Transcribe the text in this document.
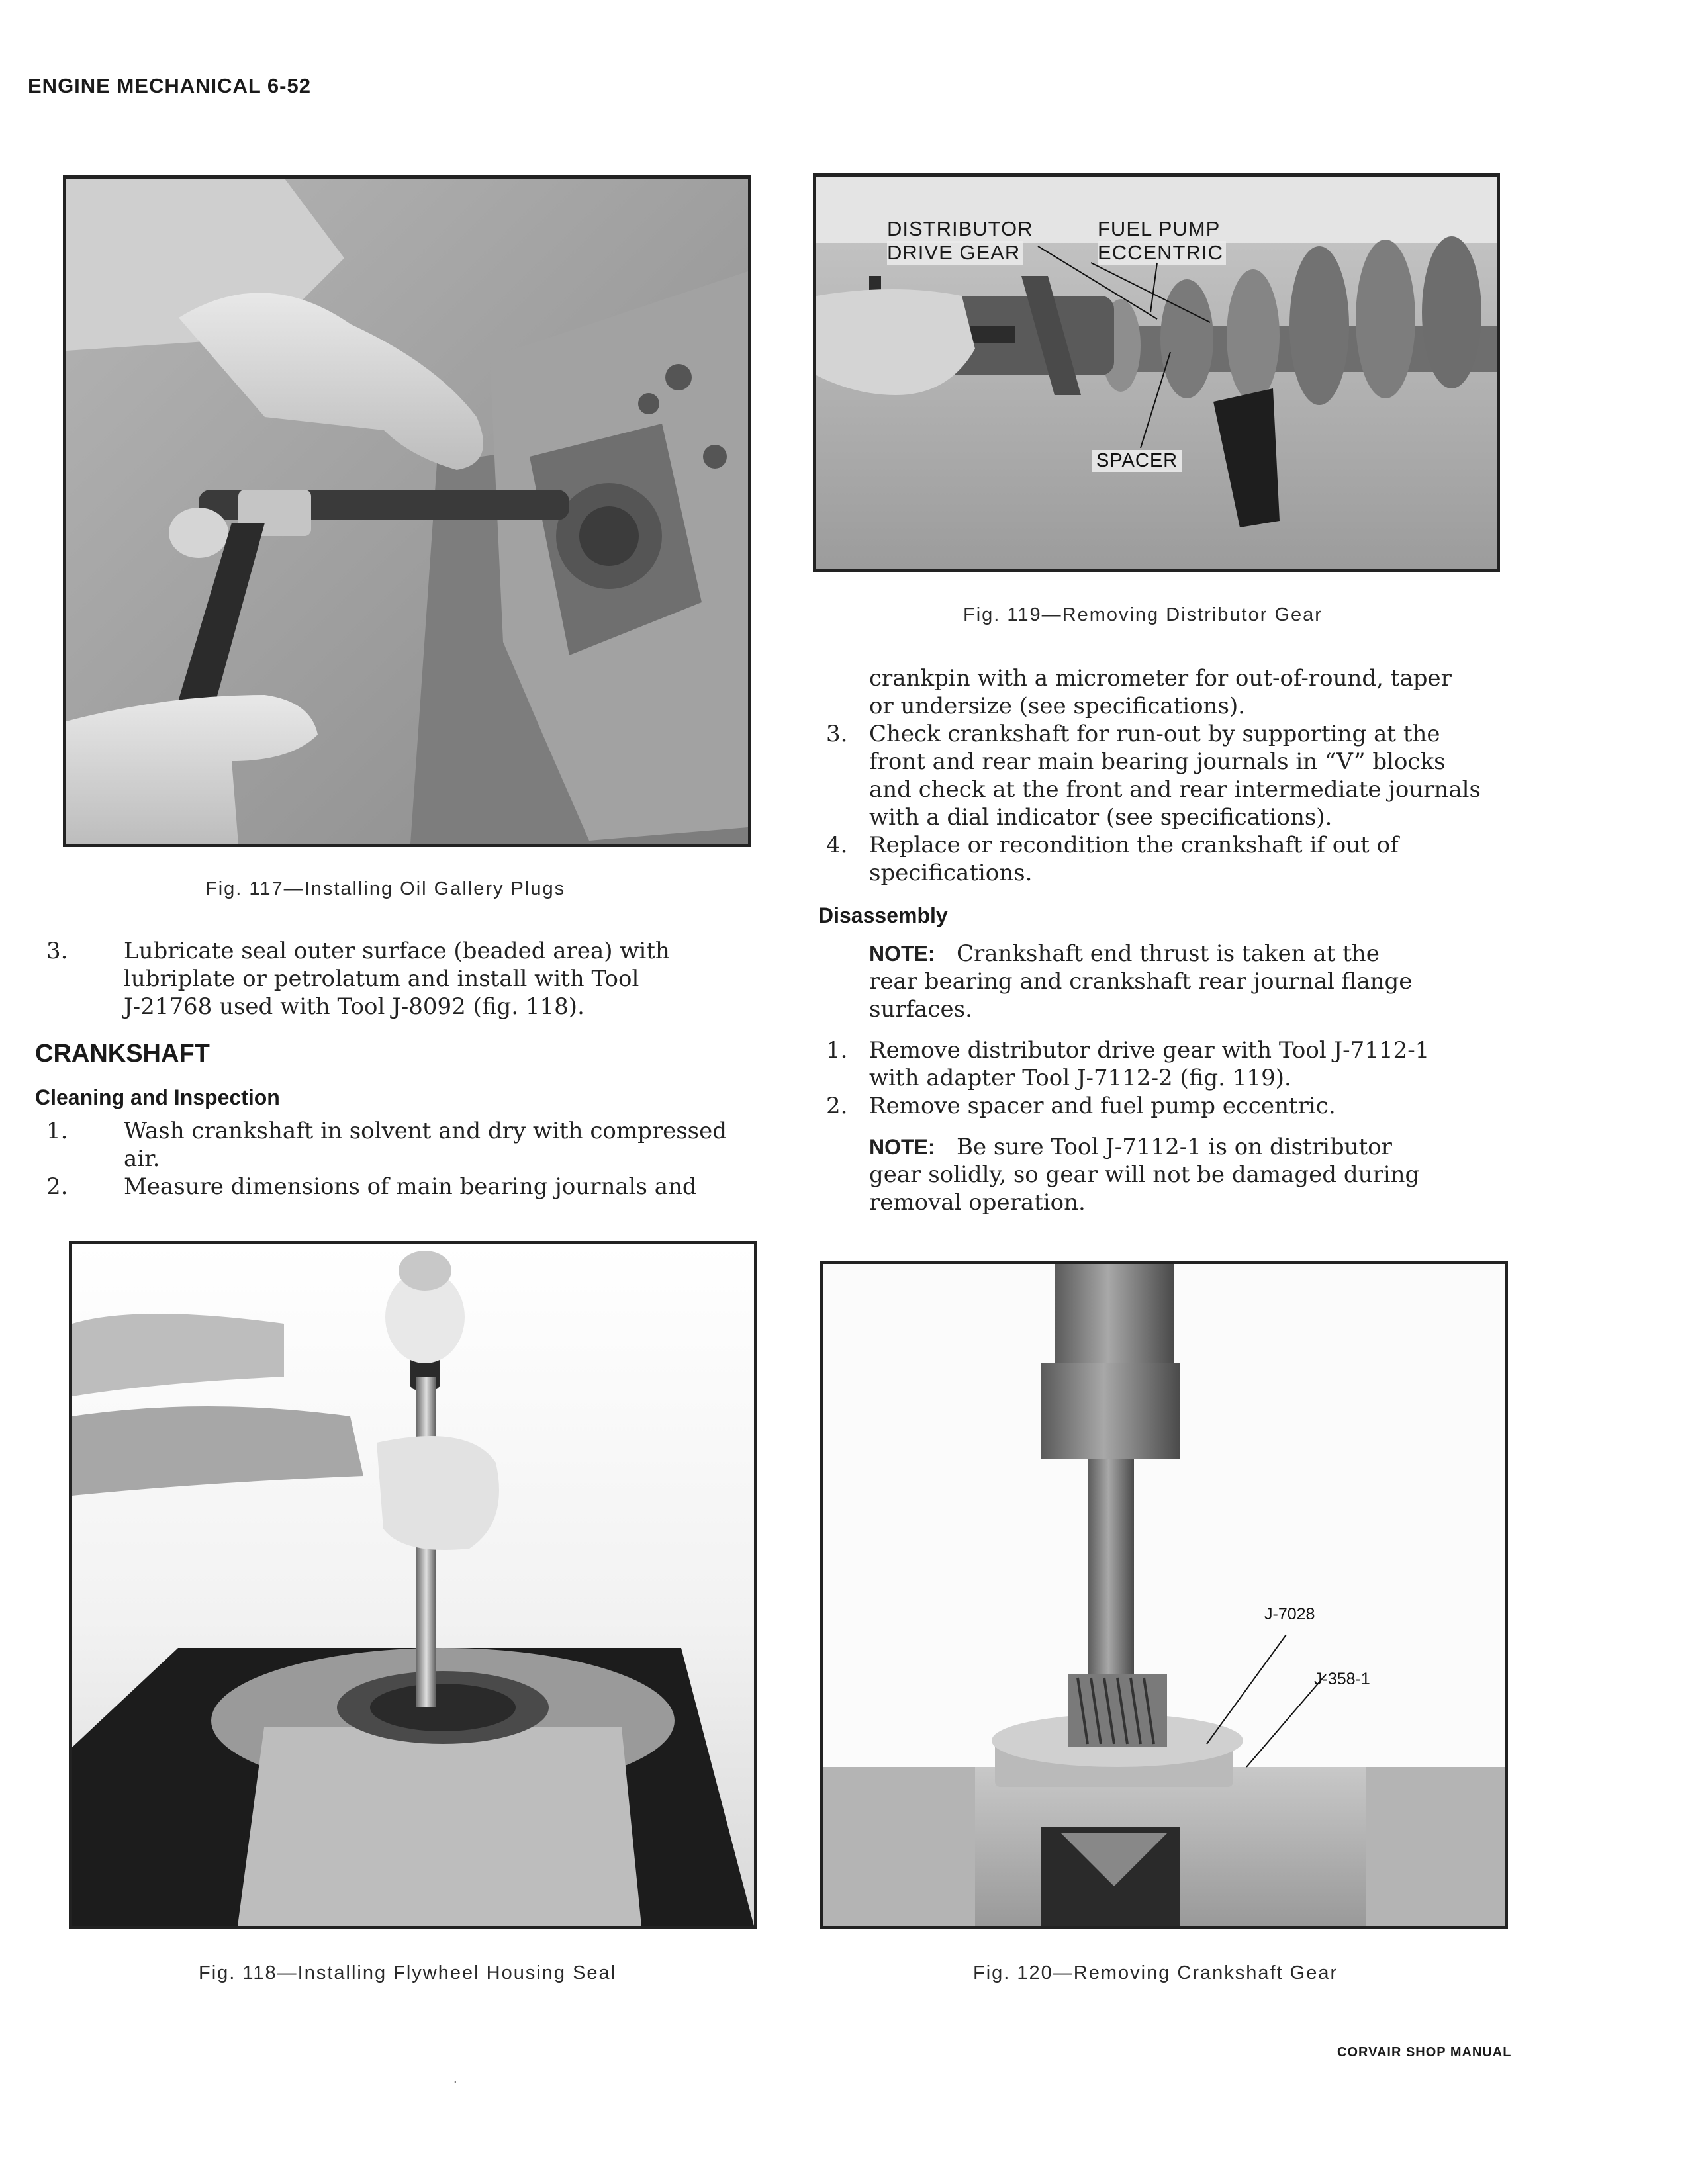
ENGINE MECHANICAL 6-52
Fig. 117—Installing Oil Gallery Plugs
DISTRIBUTOR
DRIVE GEAR
FUEL PUMP
ECCENTRIC
SPACER
Fig. 119—Removing Distributor Gear
3. Lubricate seal outer surface (beaded area) with
lubriplate or petrolatum and install with Tool
J-21768 used with Tool J-8092 (fig. 118).
CRANKSHAFT
Cleaning and Inspection
1. Wash crankshaft in solvent and dry with compressed
air.
2. Measure dimensions of main bearing journals and
crankpin with a micrometer for out-of-round, taper
or undersize (see specifications).
3. Check crankshaft for run-out by supporting at the
front and rear main bearing journals in “V” blocks
and check at the front and rear intermediate journals
with a dial indicator (see specifications).
4. Replace or recondition the crankshaft if out of
specifications.
Disassembly
NOTE: Crankshaft end thrust is taken at the
rear bearing and crankshaft rear journal flange
surfaces.
1. Remove distributor drive gear with Tool J-7112-1
with adapter Tool J-7112-2 (fig. 119).
2. Remove spacer and fuel pump eccentric.
NOTE: Be sure Tool J-7112-1 is on distributor
gear solidly, so gear will not be damaged during
removal operation.
Fig. 118—Installing Flywheel Housing Seal
J-7028
J-358-1
Fig. 120—Removing Crankshaft Gear
.
CORVAIR SHOP MANUAL
